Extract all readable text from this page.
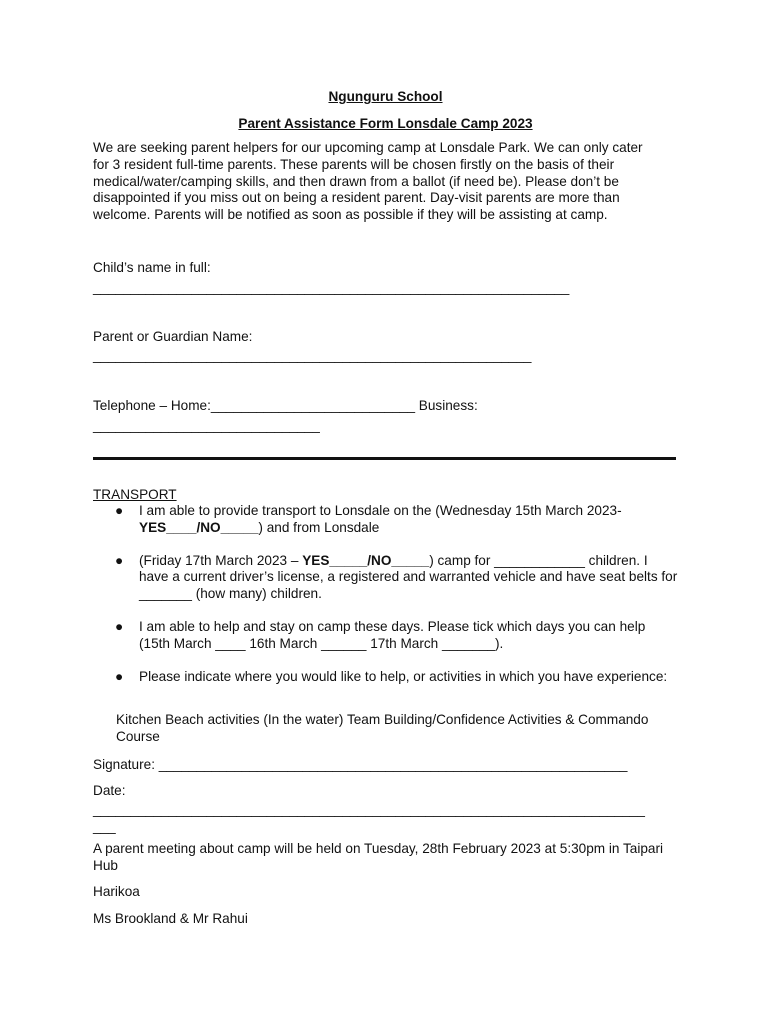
Ngunguru School
Parent Assistance Form Lonsdale Camp 2023
We are seeking parent helpers for our upcoming camp at Lonsdale Park. We can only cater
for 3 resident full-time parents. These parents will be chosen firstly on the basis of their
medical/water/camping skills, and then drawn from a ballot (if need be). Please don’t be
disappointed if you miss out on being a resident parent. Day-visit parents are more than
welcome. Parents will be notified as soon as possible if they will be assisting at camp.
Child’s name in full:
_______________________________________________________________
Parent or Guardian Name:
__________________________________________________________
Telephone – Home:___________________________ Business:
______________________________
TRANSPORT
● I am able to provide transport to Lonsdale on the (Wednesday 15th March 2023-
YES____/NO_____) and from Lonsdale
● (Friday 17th March 2023 – YES_____/NO_____) camp for ____________ children. I have a current driver’s license, a registered and warranted vehicle and have seat belts for _______ (how many) children.
● I am able to help and stay on camp these days. Please tick which days you can help (15th March ____ 16th March ______ 17th March _______).
● Please indicate where you would like to help, or activities in which you have experience:
Kitchen Beach activities (In the water) Team Building/Confidence Activities & Commando Course
Signature: ______________________________________________________________
Date:
_________________________________________________________________________
___
A parent meeting about camp will be held on Tuesday, 28th February 2023 at 5:30pm in Taipari Hub
Harikoa
Ms Brookland & Mr Rahui
